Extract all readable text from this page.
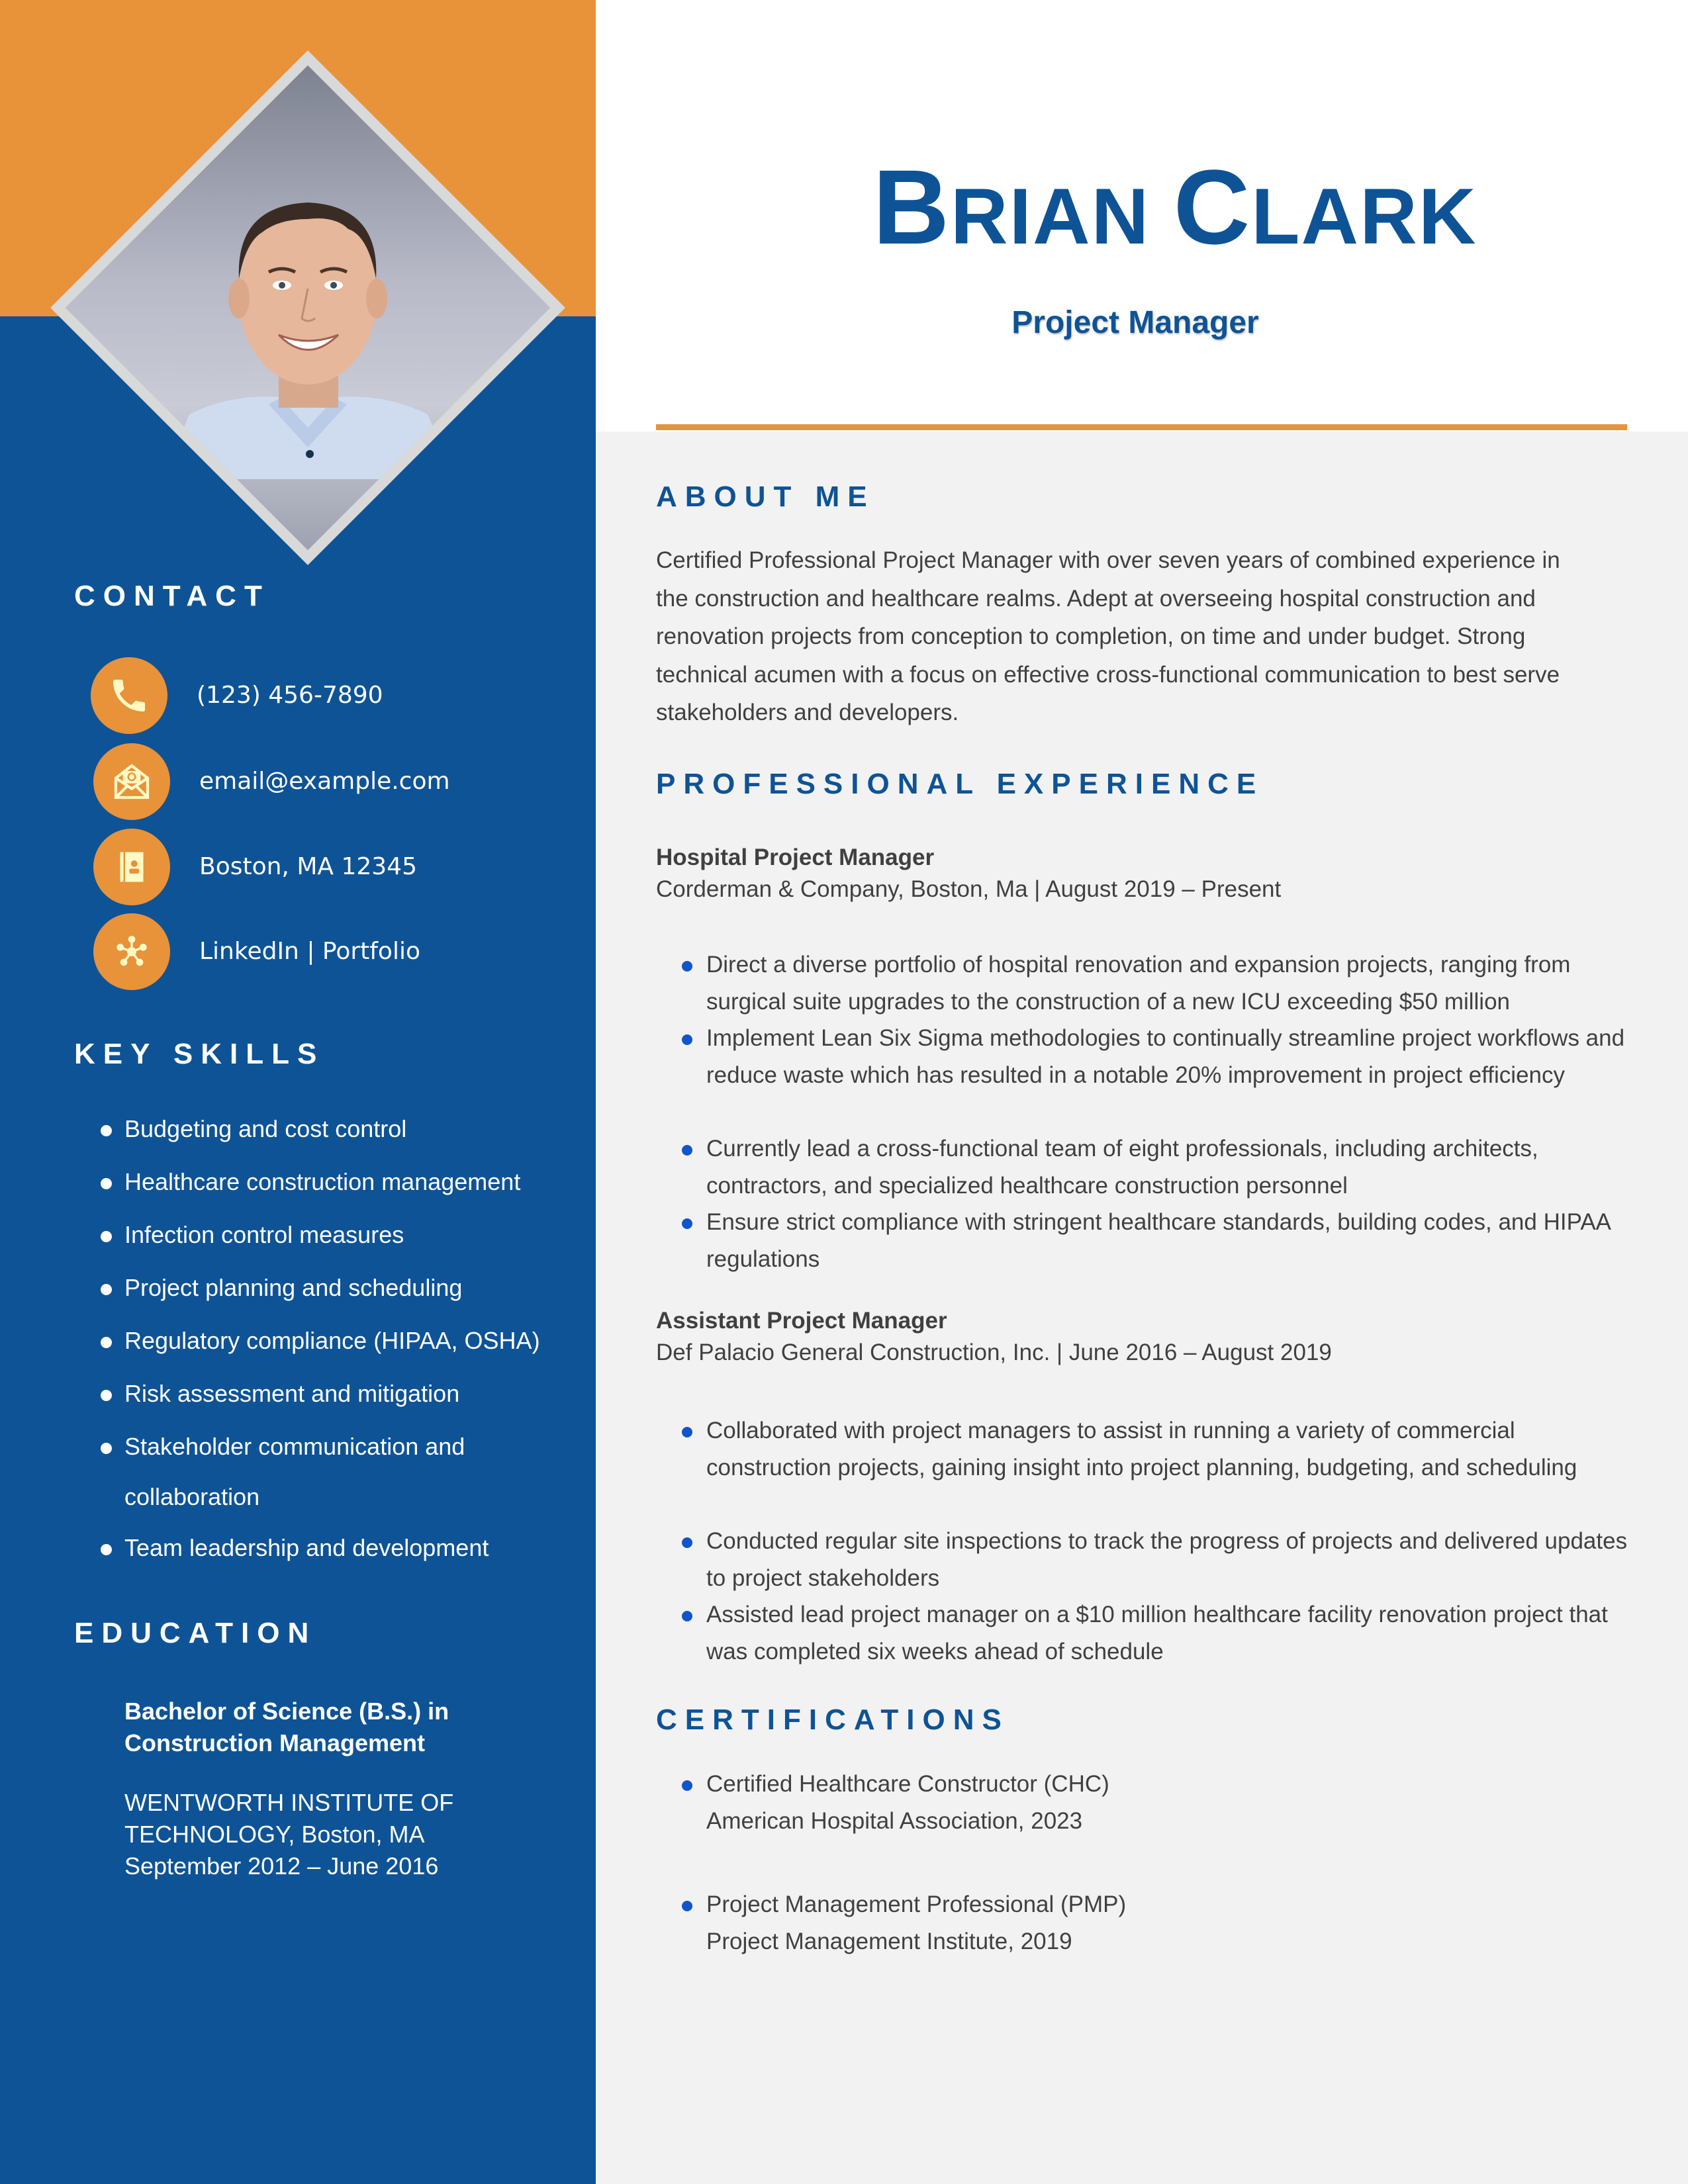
CONTACT
(123) 456-7890
email@example.com
Boston, MA 12345
LinkedIn | Portfolio
KEY SKILLS
Budgeting and cost control
Healthcare construction management
Infection control measures
Project planning and scheduling
Regulatory compliance (HIPAA, OSHA)
Risk assessment and mitigation
Stakeholder communication and
collaboration
Team leadership and development
EDUCATION
Bachelor of Science (B.S.) in
Construction Management
WENTWORTH INSTITUTE OF
TECHNOLOGY, Boston, MA
September 2012 – June 2016
BRIAN CLARK
Project Manager
ABOUT ME
Certified Professional Project Manager with over seven years of combined experience in
the construction and healthcare realms. Adept at overseeing hospital construction and
renovation projects from conception to completion, on time and under budget. Strong
technical acumen with a focus on effective cross-functional communication to best serve
stakeholders and developers.
PROFESSIONAL EXPERIENCE
Hospital Project Manager
Corderman & Company, Boston, Ma | August 2019 – Present
Direct a diverse portfolio of hospital renovation and expansion projects, ranging from surgical suite upgrades to the construction of a new ICU exceeding $50 million
Implement Lean Six Sigma methodologies to continually streamline project workflows and reduce waste which has resulted in a notable 20% improvement in project efficiency
Currently lead a cross-functional team of eight professionals, including architects, contractors, and specialized healthcare construction personnel
Ensure strict compliance with stringent healthcare standards, building codes, and HIPAA regulations
Assistant Project Manager
Def Palacio General Construction, Inc. | June 2016 – August 2019
Collaborated with project managers to assist in running a variety of commercial construction projects, gaining insight into project planning, budgeting, and scheduling
Conducted regular site inspections to track the progress of projects and delivered updates to project stakeholders
Assisted lead project manager on a $10 million healthcare facility renovation project that was completed six weeks ahead of schedule
CERTIFICATIONS
Certified Healthcare Constructor (CHC)
American Hospital Association, 2023
Project Management Professional (PMP)
Project Management Institute, 2019
